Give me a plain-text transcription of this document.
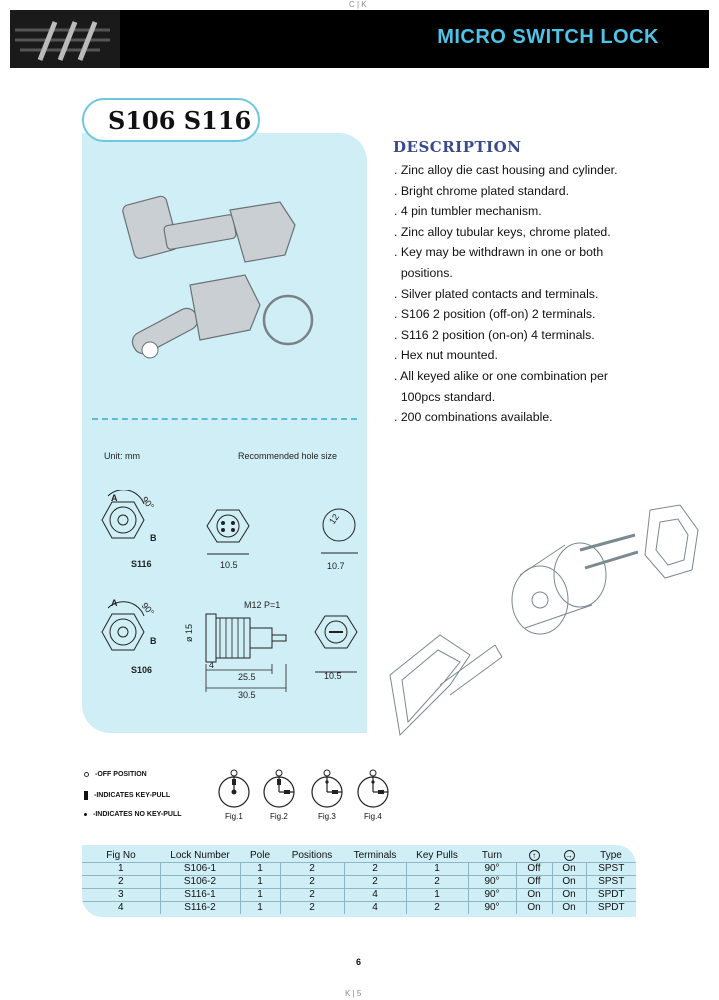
C | K
MICRO SWITCH LOCK
S106 S116
Unit: mm	Recommended hole size
A
B
90°
S116	10.5
12
10.7
A
B
90°
S106
M12 P=1
ø 15
4
25.5
30.5
10.5
DESCRIPTION
. Zinc alloy die cast housing and cylinder.
. Bright chrome plated standard.
. 4 pin tumbler mechanism.
. Zinc alloy tubular keys, chrome plated.
. Key may be withdrawn in one or both
positions.
. Silver plated contacts and terminals.
. S106 2 position (off-on) 2 terminals.
. S116 2 position (on-on) 4 terminals.
. Hex nut mounted.
. All keyed alike or one combination per
100pcs standard.
. 200 combinations available.
-OFF POSITION
-INDICATES KEY-PULL
-INDICATES NO KEY-PULL	Fig.1	Fig.2	Fig.3	Fig.4
Fig No	Lock Number	Pole	Positions	Terminals	Key Pulls	Turn	↑	→	Type
1	S106-1	1	2	2	1	90°	Off	On	SPST
2	S106-2	1	2	2	2	90°	Off	On	SPST
3	S116-1	1	2	4	1	90°	On	On	SPDT
4	S116-2	1	2	4	2	90°	On	On	SPDT
6
K | 5
